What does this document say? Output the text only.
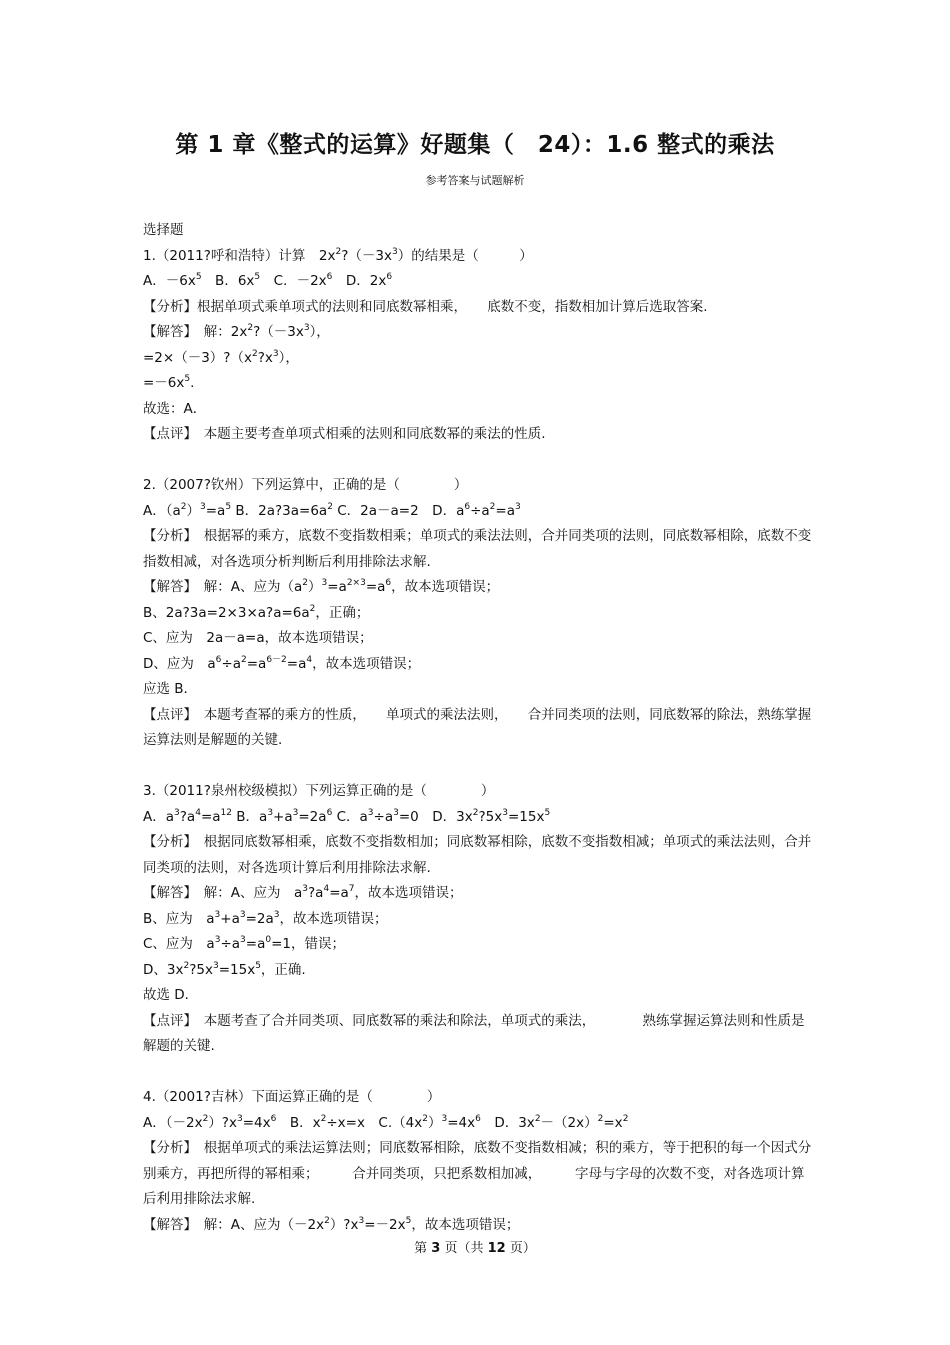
第 1 章《整式的运算》好题集（　24）：1.6 整式的乘法
参考答案与试题解析
选择题
1.（2011?呼和浩特）计算　$2x^2?(-3x^3)$的结果是（　　　）
A．$-6x^5$　B．$6x^5$　C．$-2x^6$　D．$2x^6$
【分析】根据单项式乘单项式的法则和同底数幂相乘，　　底数不变，指数相加计算后选取答案.
【解答】　解：$2x^2?(-3x^3)$，
$=2\times(-3)?(x^2?x^3)$，
$=-6x^5$.
故选：A．
【点评】　本题主要考查单项式相乘的法则和同底数幂的乘法的性质.
2.（2007?钦州）下列运算中，正确的是（　　　　）
A．$(a^2)^3=a^5$ B．$2a?3a=6a^2$ C．2a－a=2　D．$a^6\div a^2=a^3$
【分析】　根据幂的乘方，底数不变指数相乘；单项式的乘法法则，合并同类项的法则，同底数幂相除，底数不变指数相减，对各选项分析判断后利用排除法求解.
【解答】　解：A、应为$(a^2)^3=a^{2\times 3}=a^6$，故本选项错误；
B、$2a?3a=2\times 3\times a?a=6a^2$，正确；
C、应为　2a－a=a，故本选项错误；
D、应为　$a^6\div a^2=a^{6-2}=a^4$，故本选项错误；
应选 B．
【点评】　本题考查幂的乘方的性质，　　单项式的乘法法则，　　合并同类项的法则，同底数幂的除法，熟练掌握运算法则是解题的关键.
3.（2011?泉州校级模拟）下列运算正确的是（　　　　）
A．$a^3?a^4=a^{12}$ B．$a^3+a^3=2a^6$ C．$a^3\div a^3=0$　D．$3x^2?5x^3=15x^5$
【分析】　根据同底数幂相乘，底数不变指数相加；同底数幂相除，底数不变指数相减；单项式的乘法法则，合并同类项的法则，对各选项计算后利用排除法求解.
【解答】　解：A、应为　$a^3?a^4=a^7$，故本选项错误；
B、应为　$a^3+a^3=2a^3$，故本选项错误；
C、应为　$a^3\div a^3=a^0=1$，错误；
D、$3x^2?5x^3=15x^5$，正确.
故选 D．
【点评】　本题考查了合并同类项、同底数幂的乘法和除法，单项式的乘法，　　　　熟练掌握运算法则和性质是解题的关键.
4.（2001?吉林）下面运算正确的是（　　　　）
A．$(-2x^2)?x^3=4x^6$　B．$x^2\div x=x$　$C.(4x^2)^3=4x^6$　D．$3x^2-(2x)^2=x^2$
【分析】　根据单项式的乘法运算法则；同底数幂相除，底数不变指数相减；积的乘方，等于把积的每一个因式分别乘方，再把所得的幂相乘；　　　合并同类项，只把系数相加减，　　　字母与字母的次数不变，对各选项计算后利用排除法求解.
【解答】　解：A、应为$(-2x^2)?x^3=-2x^5$，故本选项错误；
第 3 页（共 12 页）
